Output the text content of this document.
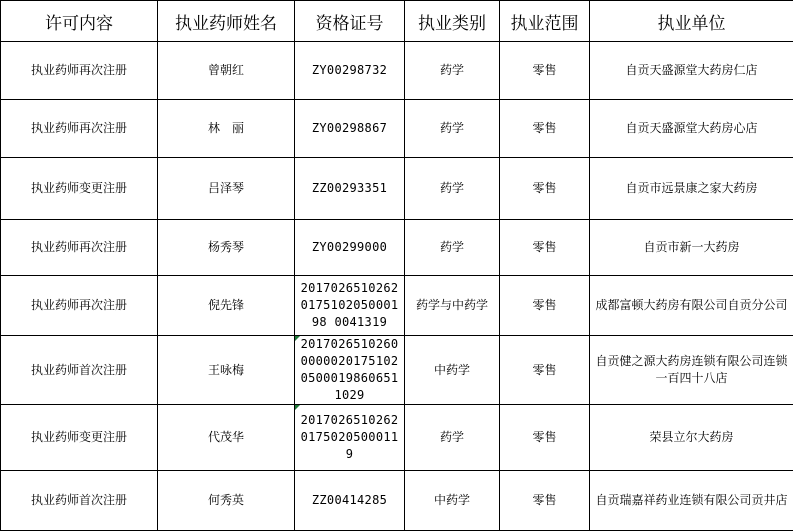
许可内容	执业药师姓名	资格证号	执业类别	执业范围	执业单位
执业药师再次注册	曾朝红	ZY00298732	药学	零售	自贡天盛源堂大药房仁店
执业药师再次注册	林　丽	ZY00298867	药学	零售	自贡天盛源堂大药房心店
执业药师变更注册	吕泽琴	ZZ00293351	药学	零售	自贡市远景康之家大药房
执业药师再次注册	杨秀琴	ZY00299000	药学	零售	自贡市新一大药房
执业药师再次注册	倪先锋	2017026510262017510205000198 0041319	药学与中药学	零售	成都富顿大药房有限公司自贡分公司
执业药师首次注册	王咏梅	2017026510260000002017510205000198606511029	中药学	零售	自贡健之源大药房连锁有限公司连锁一百四十八店
执业药师变更注册	代茂华	201702651026201750205000119	药学	零售	荣县立尔大药房
执业药师首次注册	何秀英	ZZ00414285	中药学	零售	自贡瑞嘉祥药业连锁有限公司贡井店
